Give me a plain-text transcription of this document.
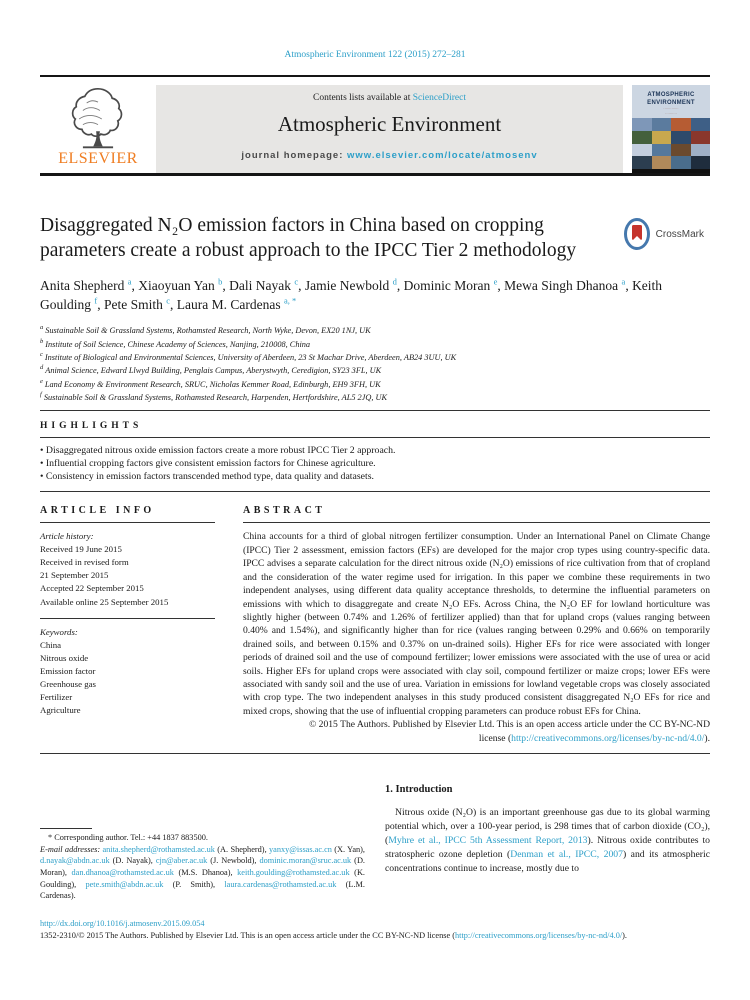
Atmospheric Environment 122 (2015) 272–281
ELSEVIER
Contents lists available at ScienceDirect
Atmospheric Environment
journal homepage: www.elsevier.com/locate/atmosenv
ATMOSPHERIC
ENVIRONMENT
·············
··········
Disaggregated N₂O emission factors in China based on cropping parameters create a robust approach to the IPCC Tier 2 methodology
CrossMark
Anita Shepherd $^a$, Xiaoyuan Yan $^b$, Dali Nayak $^c$, Jamie Newbold $^d$, Dominic Moran $^e$, Mewa Singh Dhanoa $^a$, Keith Goulding $^f$, Pete Smith $^c$, Laura M. Cardenas $^{a, *}$
$^a$ Sustainable Soil & Grassland Systems, Rothamsted Research, North Wyke, Devon, EX20 1NJ, UK
$^b$ Institute of Soil Science, Chinese Academy of Sciences, Nanjing, 210008, China
$^c$ Institute of Biological and Environmental Sciences, University of Aberdeen, 23 St Machar Drive, Aberdeen, AB24 3UU, UK
$^d$ Animal Science, Edward Llwyd Building, Penglais Campus, Aberystwyth, Ceredigion, SY23 3FL, UK
$^e$ Land Economy & Environment Research, SRUC, Nicholas Kemmer Road, Edinburgh, EH9 3FH, UK
$^f$ Sustainable Soil & Grassland Systems, Rothamsted Research, Harpenden, Hertfordshire, AL5 2JQ, UK
HIGHLIGHTS
• Disaggregated nitrous oxide emission factors create a more robust IPCC Tier 2 approach.
• Influential cropping factors give consistent emission factors for Chinese agriculture.
• Consistency in emission factors transcended method type, data quality and datasets.
ARTICLE INFO
Article history:
Received 19 June 2015
Received in revised form
21 September 2015
Accepted 22 September 2015
Available online 25 September 2015
Keywords:
China
Nitrous oxide
Emission factor
Greenhouse gas
Fertilizer
Agriculture
ABSTRACT

China accounts for a third of global nitrogen fertilizer consumption. Under an International Panel on Climate Change (IPCC) Tier 2 assessment, emission factors (EFs) are developed for the major crop types using country-specific data. IPCC advises a separate calculation for the direct nitrous oxide (N₂O) emissions of rice cultivation from that of cropland and the consideration of the water regime used for irrigation. In this paper we combine these requirements in two independent analyses, using different data quality acceptance thresholds, to determine the influential parameters on emissions with which to disaggregate and create N₂O EFs. Across China, the N₂O EF for lowland horticulture was slightly higher (between 0.74% and 1.26% of fertilizer applied) than that for upland crops (values ranging between 0.40% and 1.54%), and significantly higher than for rice (values ranging between 0.29% and 0.66% on temporarily drained soils, and between 0.15% and 0.37% on un-drained soils). Higher EFs for rice were associated with longer periods of drained soil and the use of compound fertilizer; lower emissions were associated with the use of urea or acid soils. Higher EFs for upland crops were associated with clay soil, compound fertilizer or maize crops; lower EFs were associated with sandy soil and the use of urea. Variation in emissions for lowland vegetable crops was closely associated with crop type. The two independent analyses in this study produced consistent disaggregated N₂O EFs for rice and mixed crops, showing that the use of influential cropping parameters can produce robust EFs for China.

© 2015 The Authors. Published by Elsevier Ltd. This is an open access article under the CC BY-NC-ND
license (http://creativecommons.org/licenses/by-nc-nd/4.0/).
1. Introduction
Nitrous oxide (N₂O) is an important greenhouse gas due to its global warming potential which, over a 100-year period, is 298 times that of carbon dioxide (CO₂), (Myhre et al., IPCC 5th Assessment Report, 2013). Nitrous oxide contributes to stratospheric ozone depletion (Denman et al., IPCC, 2007) and its atmospheric concentrations continue to increase, mostly due to
* Corresponding author. Tel.: +44 1837 883500.
E-mail addresses: anita.shepherd@rothamsted.ac.uk (A. Shepherd), yanxy@issas.ac.cn (X. Yan), d.nayak@abdn.ac.uk (D. Nayak), cjn@aber.ac.uk (J. Newbold), dominic.moran@sruc.ac.uk (D. Moran), dan.dhanoa@rothamsted.ac.uk (M.S. Dhanoa), keith.goulding@rothamsted.ac.uk (K. Goulding), pete.smith@abdn.ac.uk (P. Smith), laura.cardenas@rothamsted.ac.uk (L.M. Cardenas).
http://dx.doi.org/10.1016/j.atmosenv.2015.09.054
1352-2310/© 2015 The Authors. Published by Elsevier Ltd. This is an open access article under the CC BY-NC-ND license (http://creativecommons.org/licenses/by-nc-nd/4.0/).
